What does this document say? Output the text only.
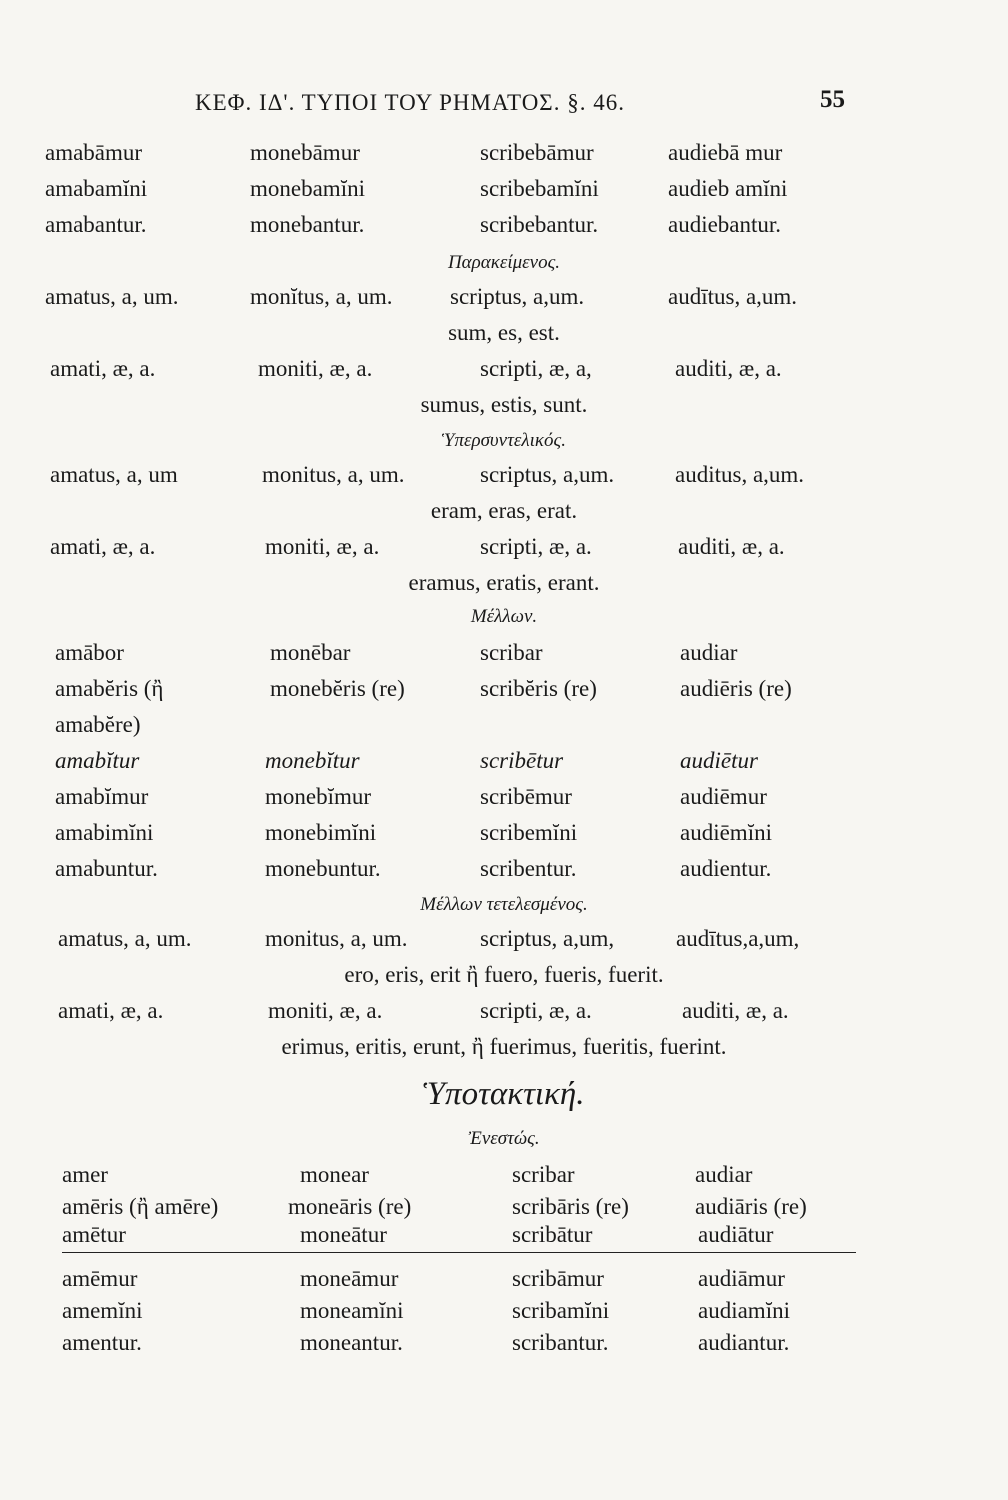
ΚΕΦ. ΙΔ'. ΤΥΠΟΙ ΤΟΥ ΡΗΜΑΤΟΣ. §. 46.	55
amabāmur	monebāmur	scribebāmur	audiebā mur
amabamĭni	monebamĭni	scribebamĭni	audieb amĭni
amabantur.	monebantur.	scribebantur.	audiebantur.
Παρακείμενος.
amatus, a, um.	monĭtus, a, um.	scriptus, a,um.	audītus, a,um.
sum, es, est.
amati, æ, a.	moniti, æ, a.	scripti, æ, a,	auditi, æ, a.
sumus, estis, sunt.
Ὑπερσυντελικός.
amatus, a, um	monitus, a, um.	scriptus, a,um.	auditus, a,um.
eram, eras, erat.
amati, æ, a.	moniti, æ, a.	scripti, æ, a.	auditi, æ, a.
eramus, eratis, erant.
Μέλλων.
amābor	monēbar	scribar	audiar
amabĕris (ἢ	monebĕris (re)	scribĕris (re)	audiēris (re)
amabĕre)
amabĭtur	monebĭtur	scribētur	audiētur
amabĭmur	monebĭmur	scribēmur	audiēmur
amabimĭni	monebimĭni	scribemĭni	audiēmĭni
amabuntur.	monebuntur.	scribentur.	audientur.
Μέλλων τετελεσμένος.
amatus, a, um.	monitus, a, um.	scriptus, a,um,	audītus,a,um,
ero, eris, erit ἢ fuero, fueris, fuerit.
amati, æ, a.	moniti, æ, a.	scripti, æ, a.	auditi, æ, a.
erimus, eritis, erunt, ἢ fuerimus, fueritis, fuerint.
Ὑποτακτική.
Ἐνεστώς.
amer	monear	scribar	audiar
amēris (ἢ amēre)	moneāris (re)	scribāris (re)	audiāris (re)
amētur	moneātur	scribātur	audiātur
amēmur	moneāmur	scribāmur	audiāmur
amemĭni	moneamĭni	scribamĭni	audiamĭni
amentur.	moneantur.	scribantur.	audiantur.
